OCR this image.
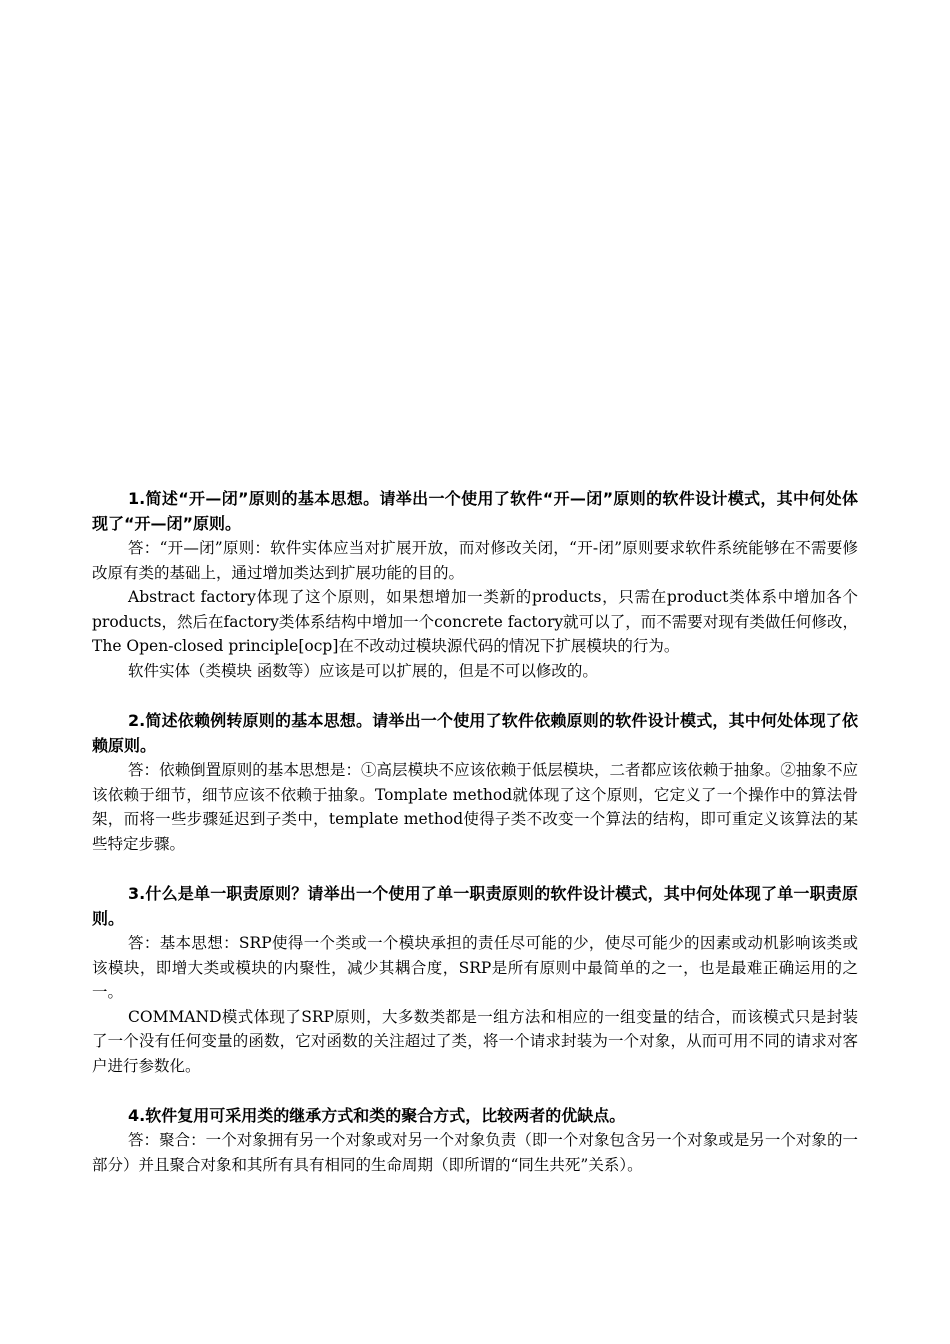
1.简述“开—闭”原则的基本思想。请举出一个使用了软件“开—闭”原则的软件设计模式，其中何处体现了“开—闭”原则。

答：“开—闭”原则：软件实体应当对扩展开放，而对修改关闭，“开-闭”原则要求软件系统能够在不需要修改原有类的基础上，通过增加类达到扩展功能的目的。

Abstract factory体现了这个原则，如果想增加一类新的products，只需在product类体系中增加各个products，然后在factory类体系结构中增加一个concrete factory就可以了，而不需要对现有类做任何修改，The Open-closed principle[ocp]在不改动过模块源代码的情况下扩展模块的行为。

软件实体（类模块 函数等）应该是可以扩展的，但是不可以修改的。

2.简述依赖例转原则的基本思想。请举出一个使用了软件依赖原则的软件设计模式，其中何处体现了依赖原则。

答：依赖倒置原则的基本思想是：①高层模块不应该依赖于低层模块，二者都应该依赖于抽象。②抽象不应该依赖于细节，细节应该不依赖于抽象。Tomplate method就体现了这个原则，它定义了一个操作中的算法骨架，而将一些步骤延迟到子类中，template method使得子类不改变一个算法的结构，即可重定义该算法的某些特定步骤。

3.什么是单一职责原则？请举出一个使用了单一职责原则的软件设计模式，其中何处体现了单一职责原则。

答：基本思想：SRP使得一个类或一个模块承担的责任尽可能的少，使尽可能少的因素或动机影响该类或该模块，即增大类或模块的内聚性，减少其耦合度，SRP是所有原则中最简单的之一，也是最难正确运用的之一。

COMMAND模式体现了SRP原则，大多数类都是一组方法和相应的一组变量的结合，而该模式只是封装了一个没有任何变量的函数，它对函数的关注超过了类，将一个请求封装为一个对象，从而可用不同的请求对客户进行参数化。

4.软件复用可采用类的继承方式和类的聚合方式，比较两者的优缺点。

答：聚合：一个对象拥有另一个对象或对另一个对象负责（即一个对象包含另一个对象或是另一个对象的一部分）并且聚合对象和其所有具有相同的生命周期（即所谓的“同生共死”关系）。
